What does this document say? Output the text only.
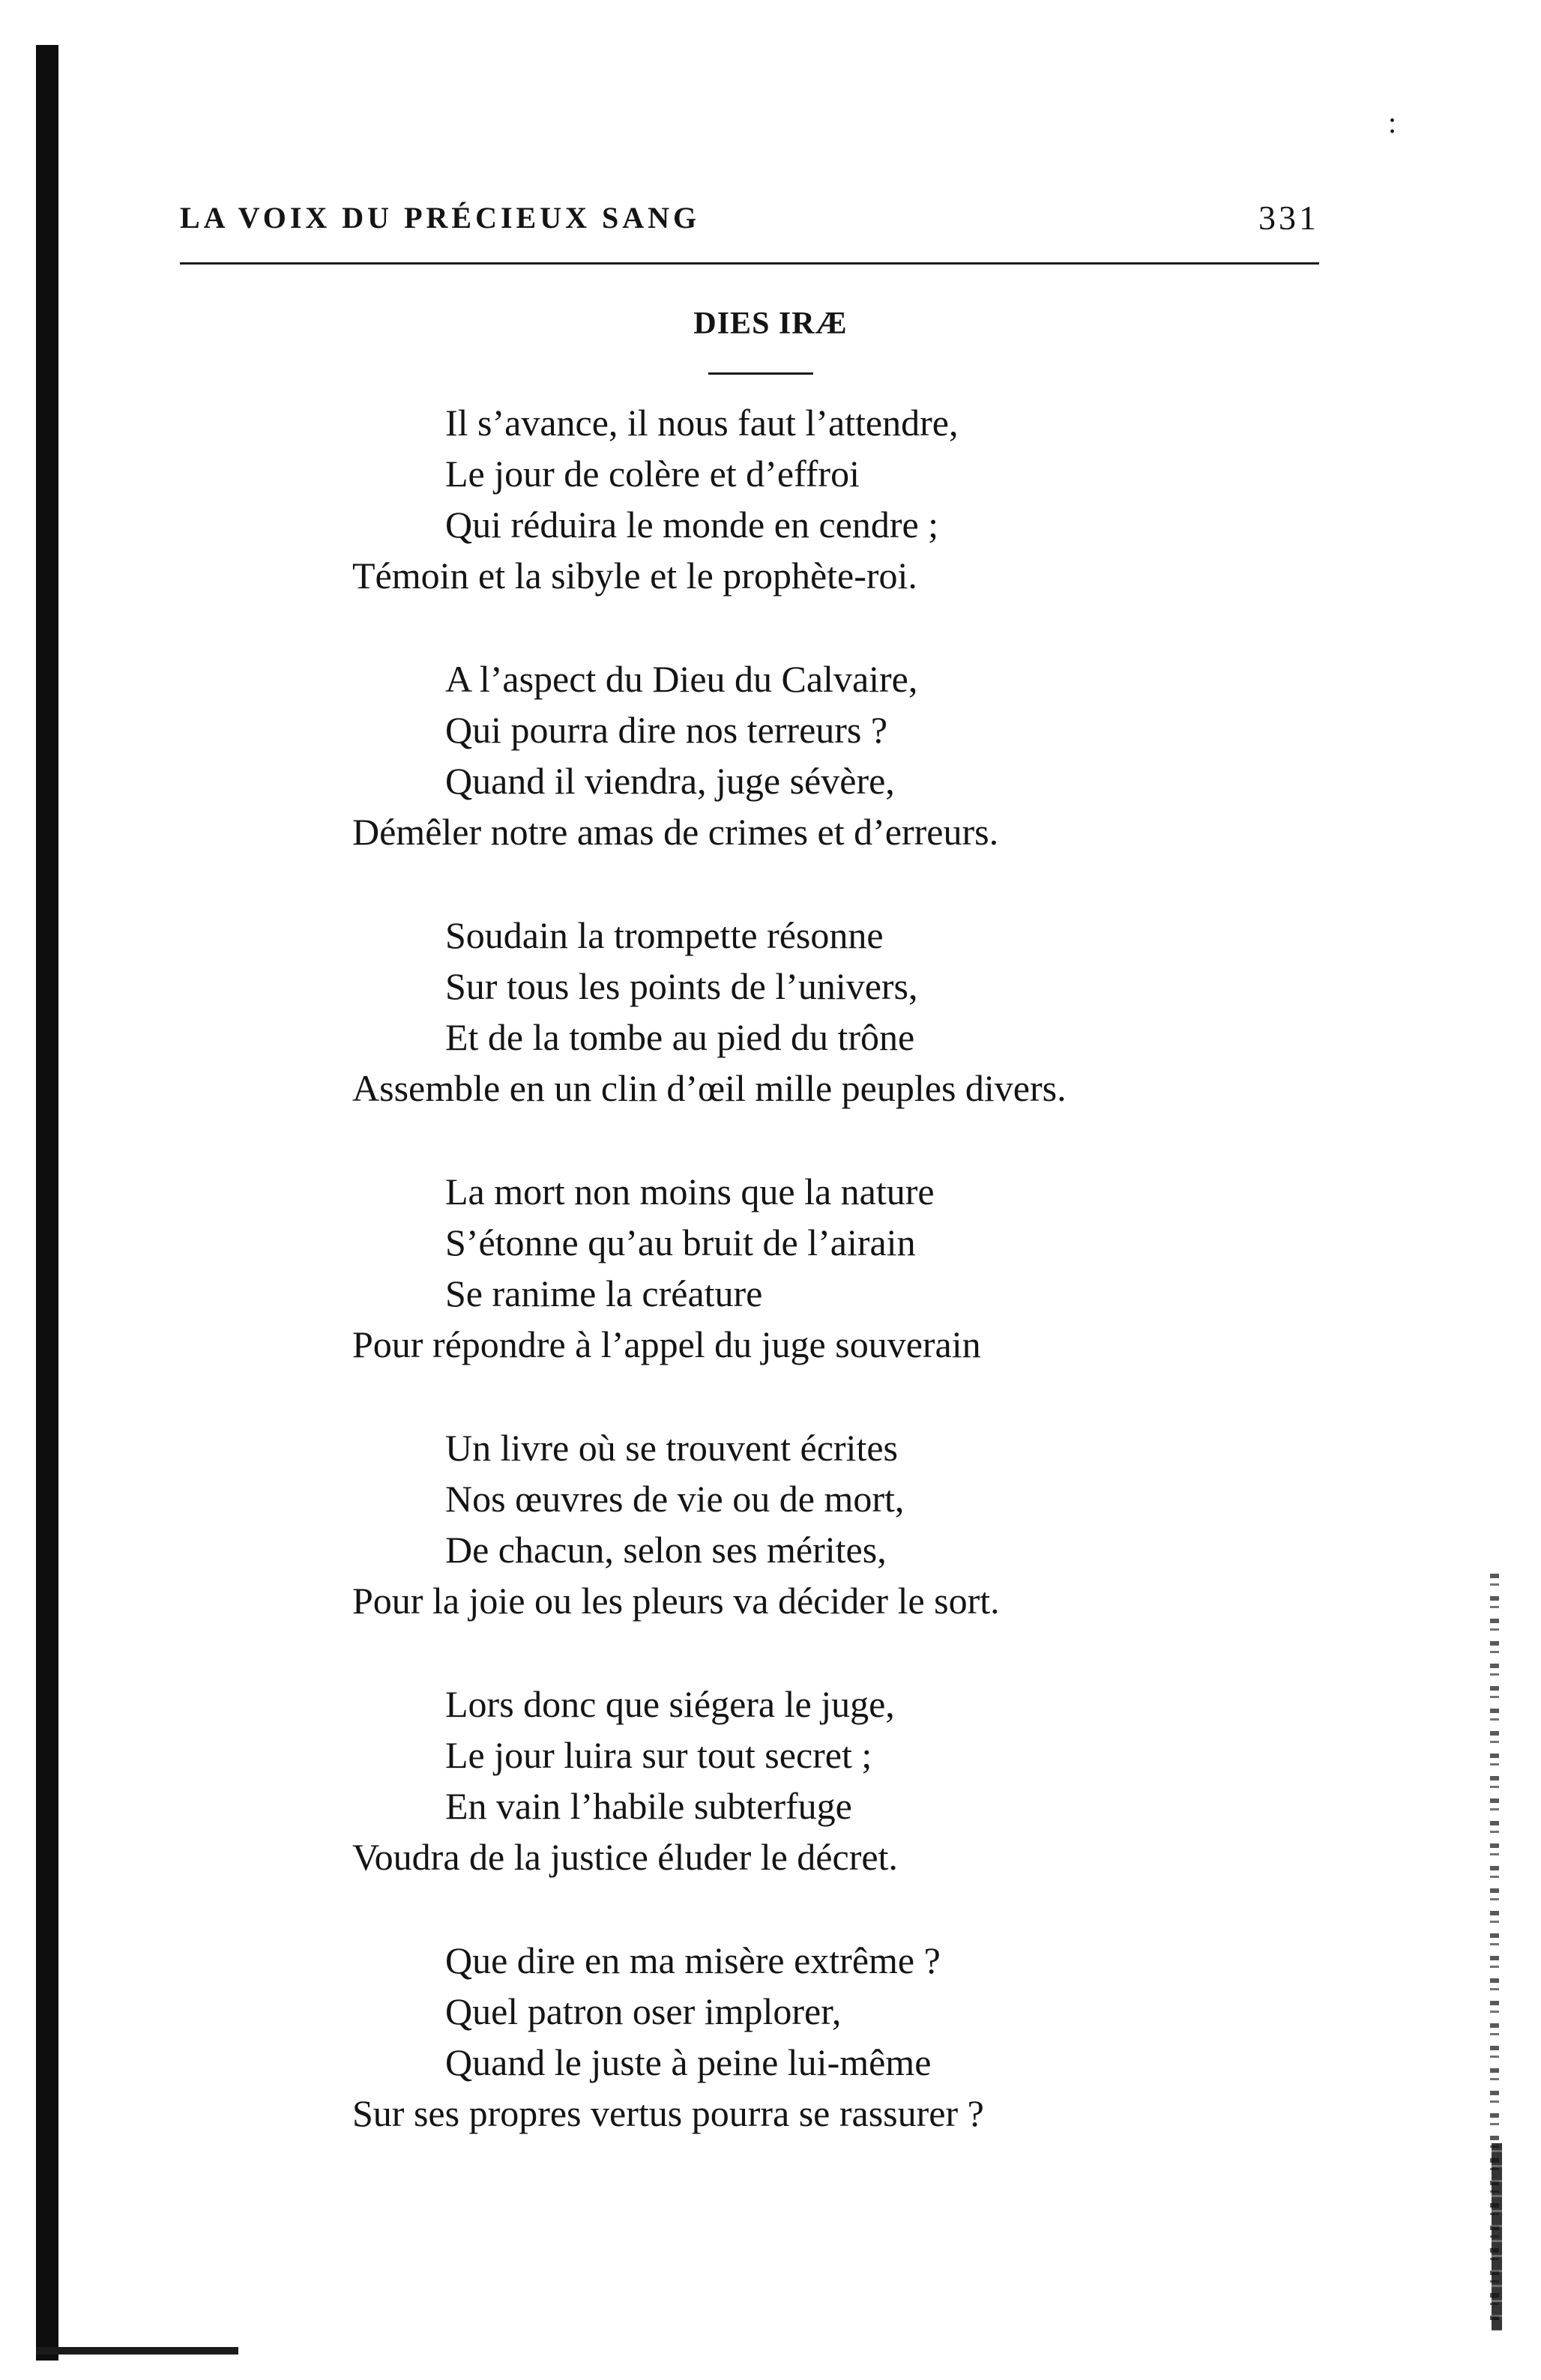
:
LA VOIX DU PRÉCIEUX SANG	331
DIES IRÆ
Il s’avance, il nous faut l’attendre,
Le jour de colère et d’effroi
Qui réduira le monde en cendre ;
Témoin et la sibyle et le prophète-roi.
A l’aspect du Dieu du Calvaire,
Qui pourra dire nos terreurs ?
Quand il viendra, juge sévère,
Démêler notre amas de crimes et d’erreurs.
Soudain la trompette résonne
Sur tous les points de l’univers,
Et de la tombe au pied du trône
Assemble en un clin d’œil mille peuples divers.
La mort non moins que la nature
S’étonne qu’au bruit de l’airain
Se ranime la créature
Pour répondre à l’appel du juge souverain
Un livre où se trouvent écrites
Nos œuvres de vie ou de mort,
De chacun, selon ses mérites,
Pour la joie ou les pleurs va décider le sort.
Lors donc que siégera le juge,
Le jour luira sur tout secret ;
En vain l’habile subterfuge
Voudra de la justice éluder le décret.
Que dire en ma misère extrême ?
Quel patron oser implorer,
Quand le juste à peine lui-même
Sur ses propres vertus pourra se rassurer ?
